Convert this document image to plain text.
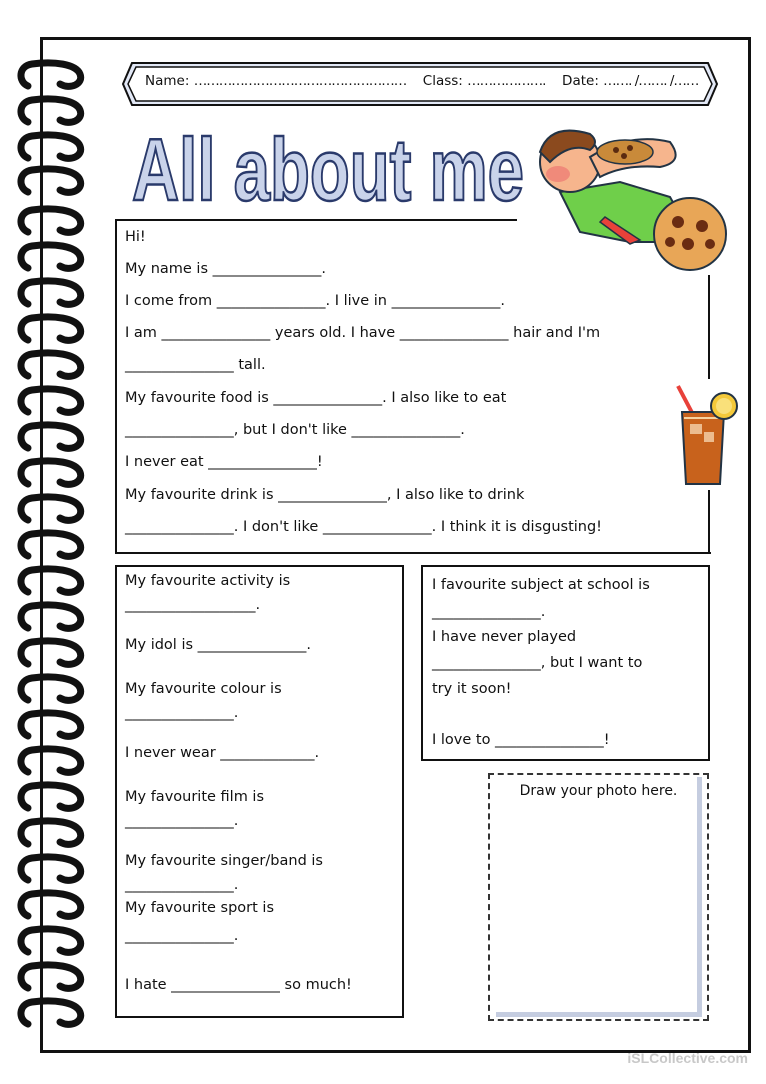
Name: …………………………………………… Class: ………………. Date: ……. /……. /……
All about me
Hi!
My name is _______________.
I come from _______________. I live in _______________.
I am _______________ years old. I have _______________ hair and I'm
_______________ tall.
My favourite food is _______________. I also like to eat
_______________, but I don't like _______________.
I never eat _______________!
My favourite drink is _______________, I also like to drink
_______________. I don't like _______________. I think it is disgusting!
My favourite activity is
__________________.
My idol is _______________.
My favourite colour is
_______________.
I never wear _____________.
My favourite film is
_______________.
My favourite singer/band is
_______________.
My favourite sport is
_______________.
I hate _______________ so much!
I favourite subject at school is
_______________.
I have never played
_______________, but I want to
try it soon!
I love to _______________!
Draw your photo here.
iSLCollective.com
